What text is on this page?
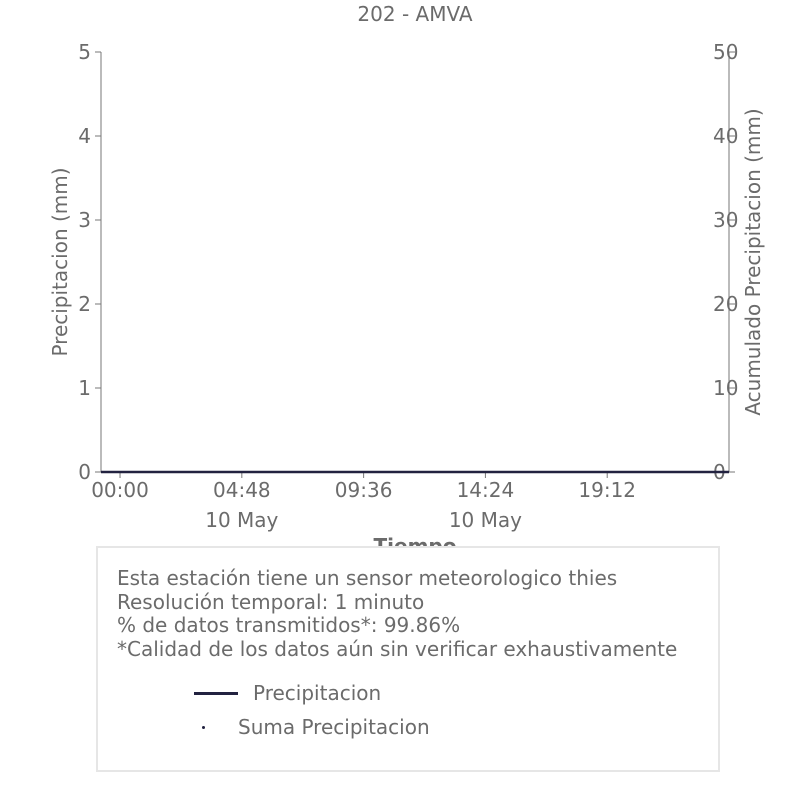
202 - AMVA
0
1
2
3
4
5
0
10
20
30
40
50
00:00	04:48
10 May
09:36	14:24
10 May
19:12
Precipitacion (mm)	Acumulado Precipitacion (mm)
Esta estación tiene un sensor meteorologico thies
Resolución temporal: 1 minuto
% de datos transmitidos*: 99.86%
*Calidad de los datos aún sin verificar exhaustivamente
Precipitacion
Suma Precipitacion
